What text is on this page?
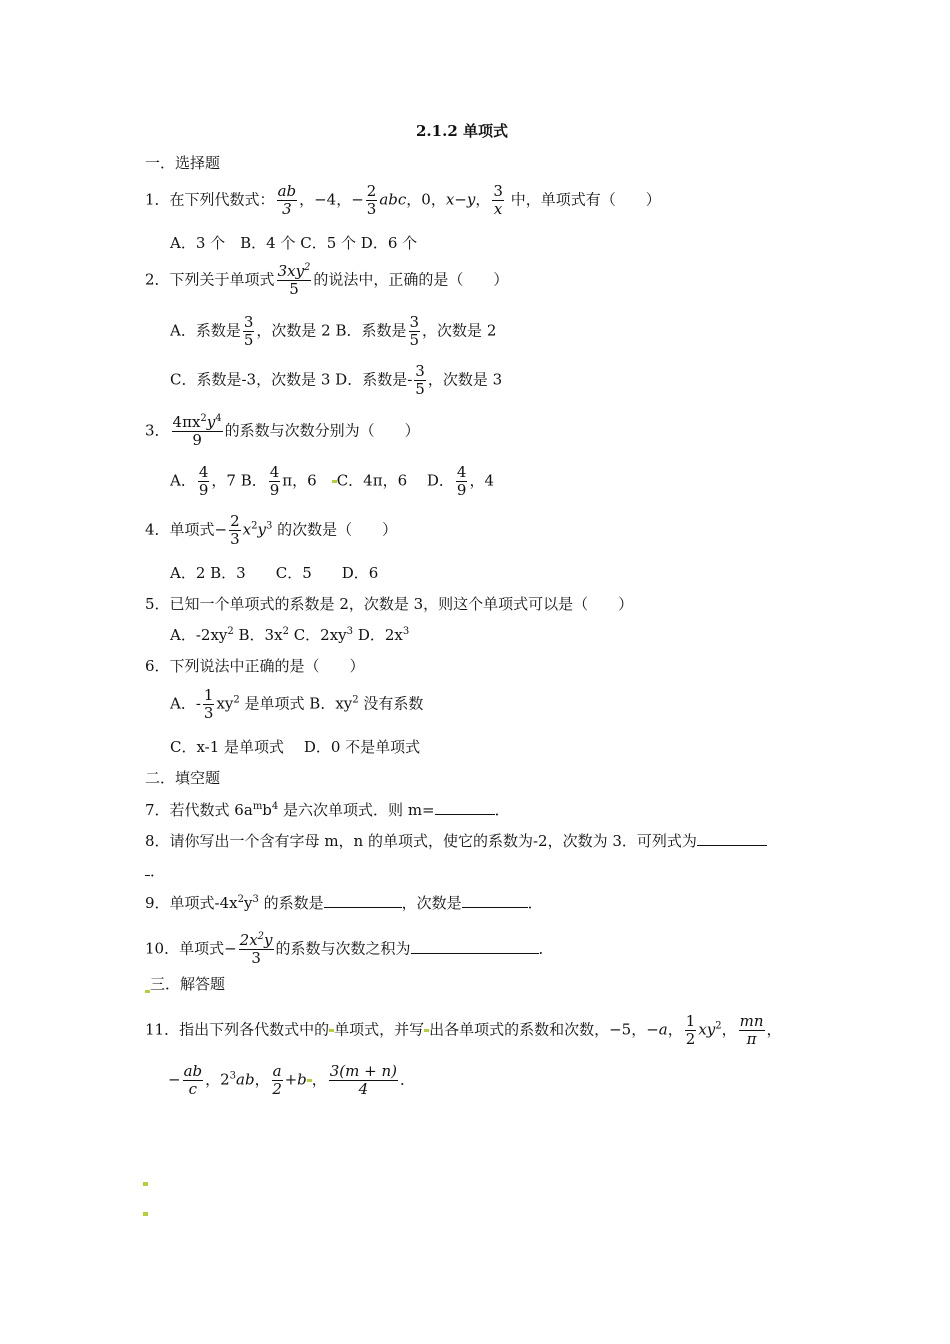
2.1.2 单项式
一．选择题
1．在下列代数式： $\frac{ab}{3}$ ，−4，− $\frac{2}{3}$ abc，0，x−y， $\frac{3}{x}$ 中，单项式有（　　）
A．3 个　B．4 个 C．5 个 D．6 个
2．下列关于单项式 $\frac{3xy^2}{5}$ 的说法中，正确的是（　　）
A．系数是 $\frac{3}{5}$ ，次数是 2 B．系数是 $\frac{3}{5}$ ，次数是 2
C．系数是-3，次数是 3 D．系数是- $\frac{3}{5}$ ，次数是 3
3． $\frac{4\pi x^2y^4}{9}$ 的系数与次数分别为（　　）
A． $\frac{4}{9}$ ，7 B． $\frac{4}{9}$ π，6　C．4π，6　 D． $\frac{4}{9}$ ，4
4．单项式− $\frac{2}{3} x^2y^3$ 的次数是（　　）
A．2 B．3　　C．5　　D．6
5．已知一个单项式的系数是 2，次数是 3，则这个单项式可以是（　　）
A．$-2xy^2$ B．$3x^2$ C．$2xy^3$ D．$2x^3$
6．下列说法中正确的是（　　）
A．- $\frac{1}{3} xy^2$ 是单项式 B．$xy^2$ 没有系数
C．x-1 是单项式　 D．0 不是单项式
二．填空题
7．若代数式 $6a^mb^4$ 是六次单项式．则 m=	．
8．请你写出一个含有字母 m，n 的单项式，使它的系数为-2，次数为 3．可列式为
．
9．单项式$-4x^2y^3$ 的系数是	，次数是	．
10．单项式− $\frac{2x^2y}{3}$ 的系数与次数之积为	．
三．解答题
11．指出下列各代数式中的 单项式，并写 出各单项式的系数和次数，−5，−a， $\frac{1}{2} xy^2$， $\frac{mn}{\pi}$ ，
− $\frac{ab}{c}$ ，$2^3ab$， $\frac{a}{2} +b$ ， $\frac{3(m + n)}{4}$ ．
